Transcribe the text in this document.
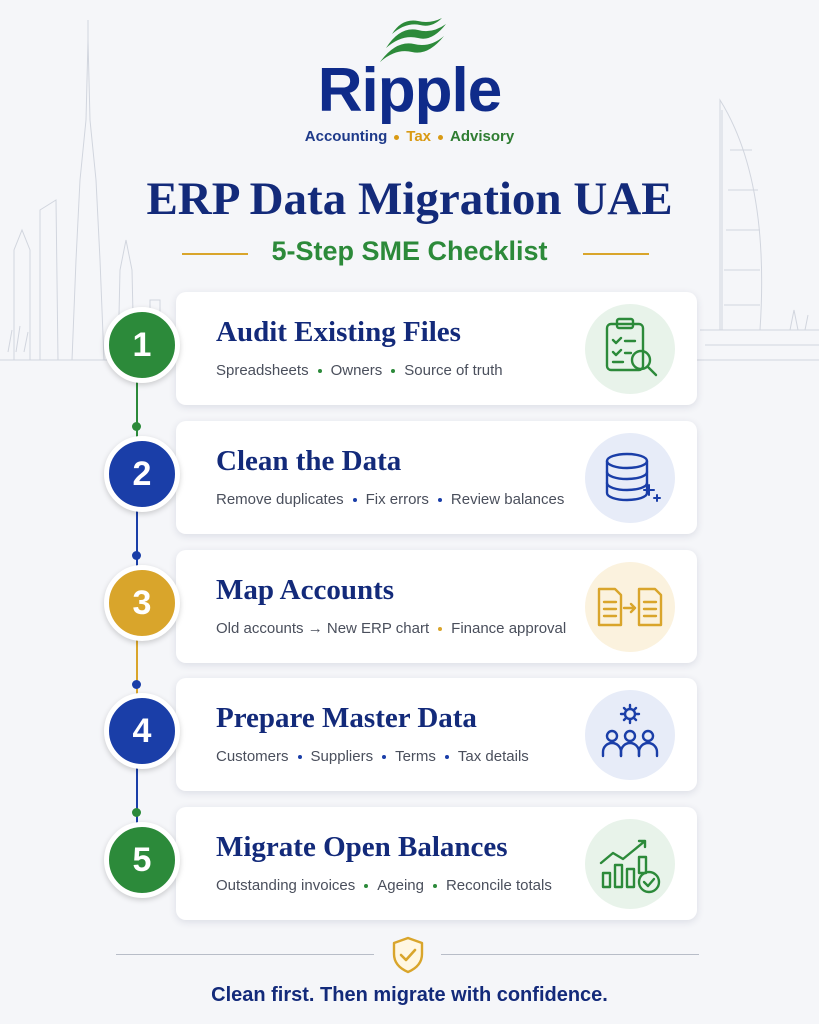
Ripple
Accounting Tax Advisory
ERP Data Migration UAE
5-Step SME Checklist
Audit Existing Files
Spreadsheets Owners Source of truth
1
Clean the Data
Remove duplicates Fix errors Review balances
2
Map Accounts
Old accounts → New ERP chart Finance approval
3
Prepare Master Data
Customers Suppliers Terms Tax details
4
Migrate Open Balances
Outstanding invoices Ageing Reconcile totals
5
Clean first. Then migrate with confidence.
